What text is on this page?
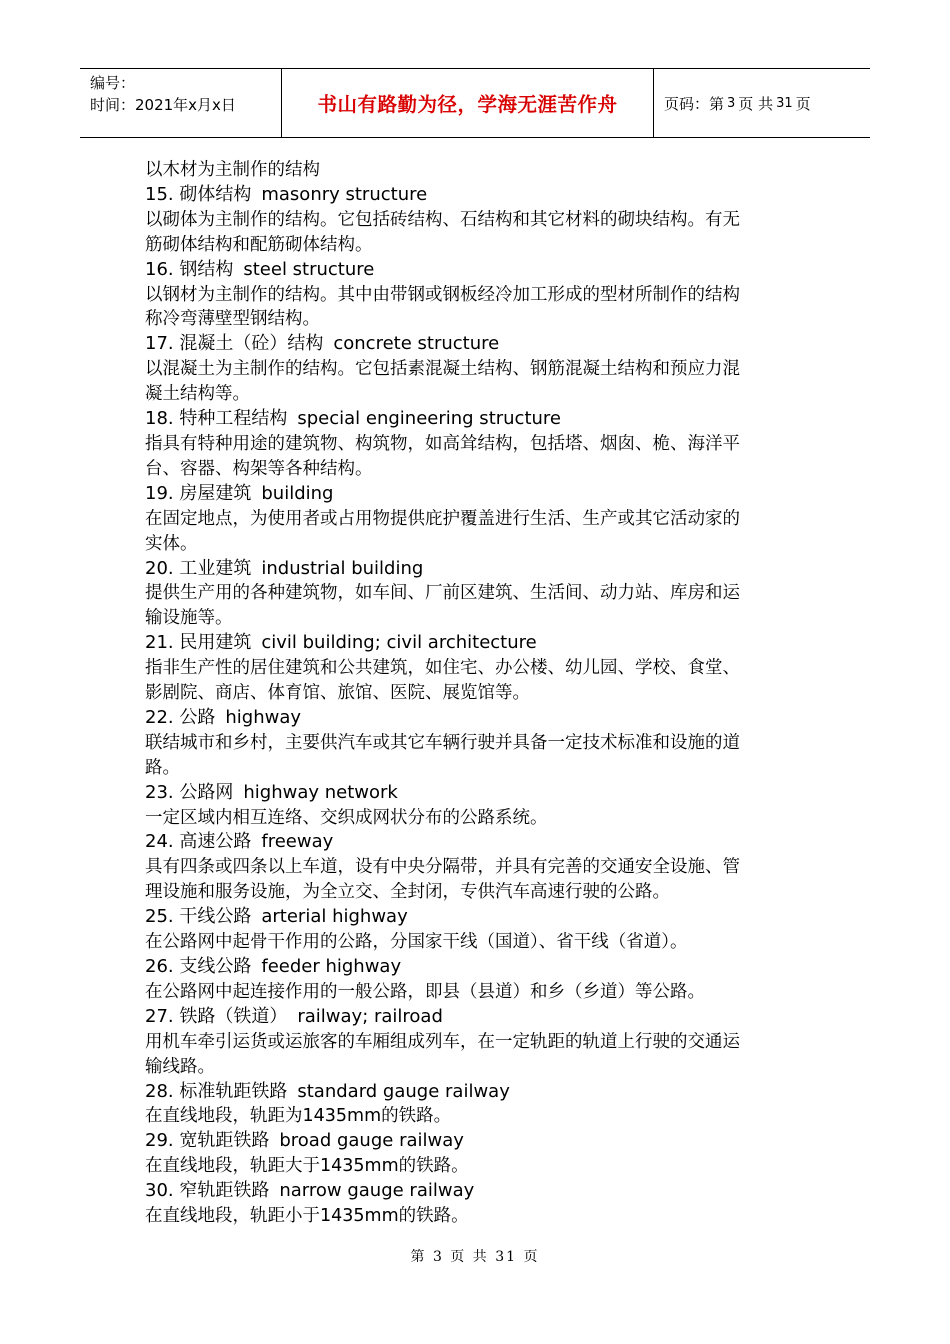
编号：
时间：2021年x月x日	书山有路勤为径，学海无涯苦作舟	页码：第 3 页 共 31 页

以木材为主制作的结构

15. 砌体结构 masonry structure

以砌体为主制作的结构。它包括砖结构、石结构和其它材料的砌块结构。有无

筋砌体结构和配筋砌体结构。

16. 钢结构 steel structure

以钢材为主制作的结构。其中由带钢或钢板经冷加工形成的型材所制作的结构

称冷弯薄壁型钢结构。

17. 混凝土（砼）结构 concrete structure

以混凝土为主制作的结构。它包括素混凝土结构、钢筋混凝土结构和预应力混

凝土结构等。

18. 特种工程结构 special engineering structure

指具有特种用途的建筑物、构筑物，如高耸结构，包括塔、烟囱、桅、海洋平

台、容器、构架等各种结构。

19. 房屋建筑 building

在固定地点，为使用者或占用物提供庇护覆盖进行生活、生产或其它活动家的

实体。

20. 工业建筑 industrial building

提供生产用的各种建筑物，如车间、厂前区建筑、生活间、动力站、库房和运

输设施等。

21. 民用建筑 civil building; civil architecture

指非生产性的居住建筑和公共建筑，如住宅、办公楼、幼儿园、学校、食堂、

影剧院、商店、体育馆、旅馆、医院、展览馆等。

22. 公路 highway

联结城市和乡村，主要供汽车或其它车辆行驶并具备一定技术标准和设施的道

路。

23. 公路网 highway network

一定区域内相互连络、交织成网状分布的公路系统。

24. 高速公路 freeway

具有四条或四条以上车道，设有中央分隔带，并具有完善的交通安全设施、管

理设施和服务设施，为全立交、全封闭，专供汽车高速行驶的公路。

25. 干线公路 arterial highway

在公路网中起骨干作用的公路，分国家干线（国道）、省干线（省道）。

26. 支线公路 feeder highway

在公路网中起连接作用的一般公路，即县（县道）和乡（乡道）等公路。

27. 铁路（铁道） railway; railroad

用机车牵引运货或运旅客的车厢组成列车，在一定轨距的轨道上行驶的交通运

输线路。

28. 标准轨距铁路 standard gauge railway

在直线地段，轨距为1435mm的铁路。

29. 宽轨距铁路 broad gauge railway

在直线地段，轨距大于1435mm的铁路。

30. 窄轨距铁路 narrow gauge railway

在直线地段，轨距小于1435mm的铁路。

第 3 页 共 31 页
